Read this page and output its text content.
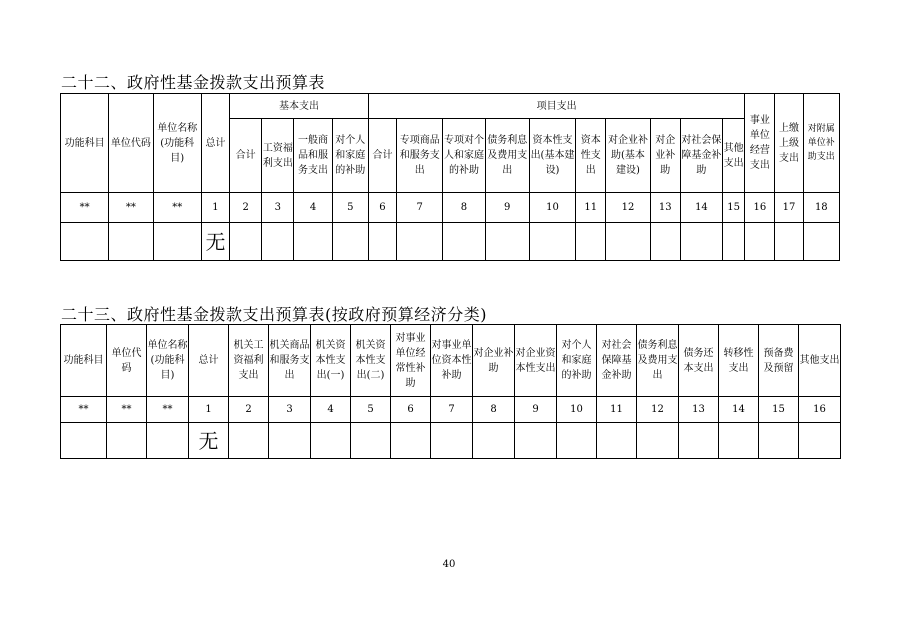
二十二、政府性基金拨款支出预算表
功能科目	单位代码	单位名称(功能科目)	总计	基本支出				项目支出										事业单位经营支出	上缴上级支出	对附属单位补助支出
				合计	工资福利支出	一般商品和服务支出	对个人和家庭的补助	合计	专项商品和服务支出	专项对个人和家庭的补助	债务利息及费用支出	资本性支出(基本建设)	资本性支出	对企业补助(基本建设)	对企业补助	对社会保障基金补助	其他支出			
**	**	**	1	2	3	4	5	6	7	8	9	10	11	12	13	14	15	16	17	18
			无																	
二十三、政府性基金拨款支出预算表(按政府预算经济分类)
功能科目	单位代码	单位名称(功能科目)	总计	机关工资福利支出	机关商品和服务支出	机关资本性支出(一)	机关资本性支出(二)	对事业单位经常性补助	对事业单位资本性补助	对企业补助	对企业资本性支出	对个人和家庭的补助	对社会保障基金补助	债务利息及费用支出	债务还本支出	转移性支出	预备费及预留	其他支出
**	**	**	1	2	3	4	5	6	7	8	9	10	11	12	13	14	15	16
			无															
40
